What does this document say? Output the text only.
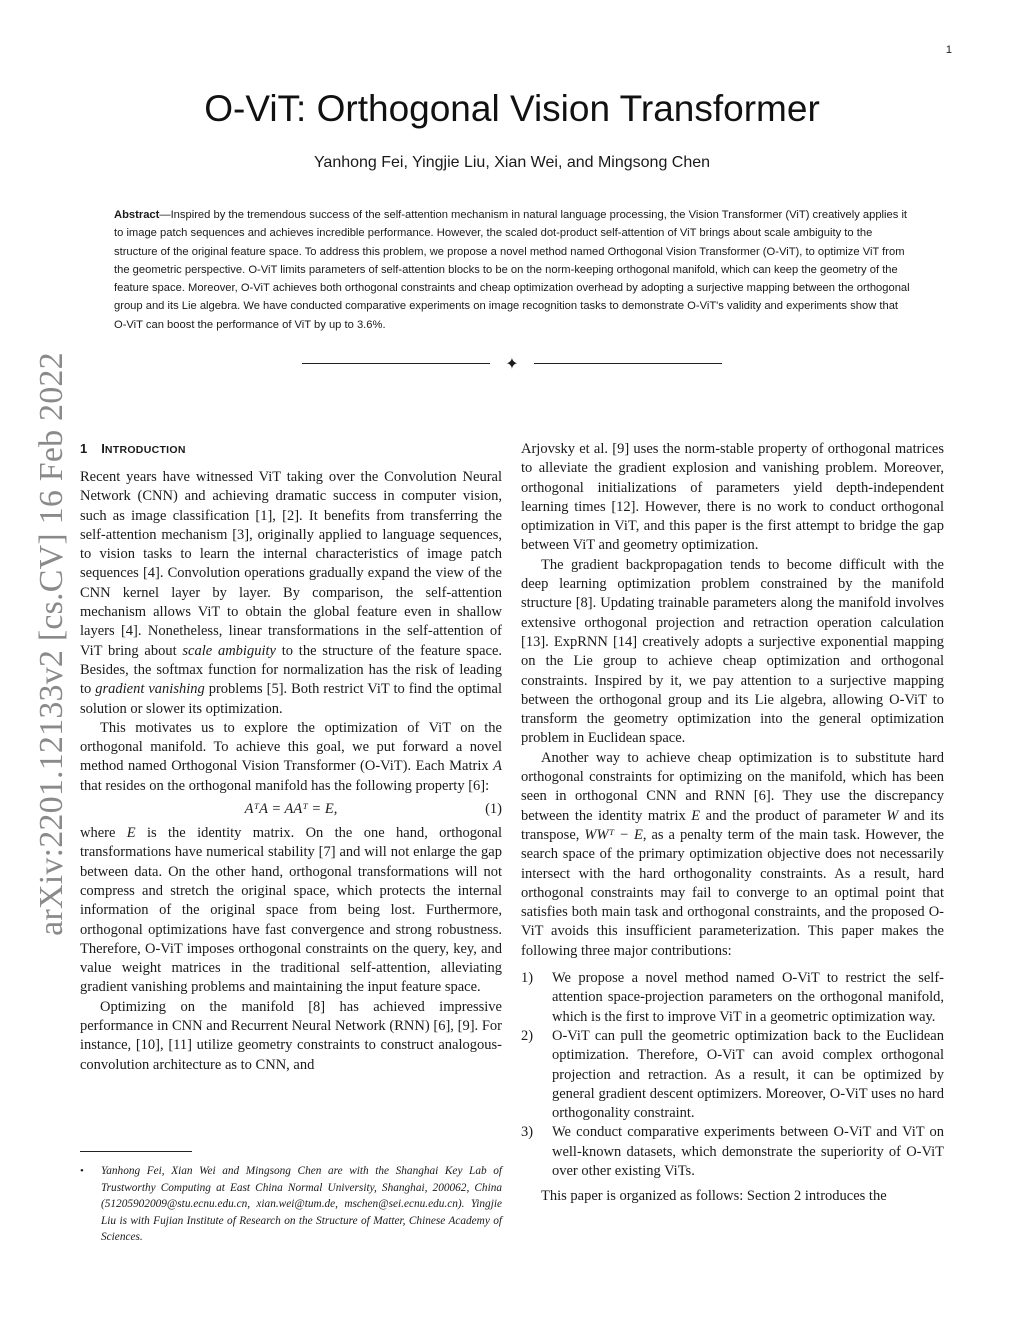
1
arXiv:2201.12133v2 [cs.CV] 16 Feb 2022
O-ViT: Orthogonal Vision Transformer

Yanhong Fei, Yingjie Liu, Xian Wei, and Mingsong Chen

Abstract—Inspired by the tremendous success of the self-attention mechanism in natural language processing, the Vision Transformer (ViT) creatively applies it to image patch sequences and achieves incredible performance. However, the scaled dot-product self-attention of ViT brings about scale ambiguity to the structure of the original feature space. To address this problem, we propose a novel method named Orthogonal Vision Transformer (O-ViT), to optimize ViT from the geometric perspective. O-ViT limits parameters of self-attention blocks to be on the norm-keeping orthogonal manifold, which can keep the geometry of the feature space. Moreover, O-ViT achieves both orthogonal constraints and cheap optimization overhead by adopting a surjective mapping between the orthogonal group and its Lie algebra. We have conducted comparative experiments on image recognition tasks to demonstrate O-ViT's validity and experiments show that O-ViT can boost the performance of ViT by up to 3.6%.

✦
1 INTRODUCTION

Recent years have witnessed ViT taking over the Convolution Neural Network (CNN) and achieving dramatic success in computer vision, such as image classification [1], [2]. It benefits from transferring the self-attention mechanism [3], originally applied to language sequences, to vision tasks to learn the internal characteristics of image patch sequences [4]. Convolution operations gradually expand the view of the CNN kernel layer by layer. By comparison, the self-attention mechanism allows ViT to obtain the global feature even in shallow layers [4]. Nonetheless, linear transformations in the self-attention of ViT bring about scale ambiguity to the structure of the feature space. Besides, the softmax function for normalization has the risk of leading to gradient vanishing problems [5]. Both restrict ViT to find the optimal solution or slower its optimization.

This motivates us to explore the optimization of ViT on the orthogonal manifold. To achieve this goal, we put forward a novel method named Orthogonal Vision Transformer (O-ViT). Each Matrix A that resides on the orthogonal manifold has the following property [6]:

AᵀA = AAᵀ = E,	(1)

where E is the identity matrix. On the one hand, orthogonal transformations have numerical stability [7] and will not enlarge the gap between data. On the other hand, orthogonal transformations will not compress and stretch the original space, which protects the internal information of the original space from being lost. Furthermore, orthogonal optimizations have fast convergence and strong robustness. Therefore, O-ViT imposes orthogonal constraints on the query, key, and value weight matrices in the traditional self-attention, alleviating gradient vanishing problems and maintaining the input feature space.

Optimizing on the manifold [8] has achieved impressive performance in CNN and Recurrent Neural Network (RNN) [6], [9]. For instance, [10], [11] utilize geometry constraints to construct analogous-convolution architecture as to CNN, and

Arjovsky et al. [9] uses the norm-stable property of orthogonal matrices to alleviate the gradient explosion and vanishing problem. Moreover, orthogonal initializations of parameters yield depth-independent learning times [12]. However, there is no work to conduct orthogonal optimization in ViT, and this paper is the first attempt to bridge the gap between ViT and geometry optimization.

The gradient backpropagation tends to become difficult with the deep learning optimization problem constrained by the manifold structure [8]. Updating trainable parameters along the manifold involves extensive orthogonal projection and retraction operation calculation [13]. ExpRNN [14] creatively adopts a surjective exponential mapping on the Lie group to achieve cheap optimization and orthogonal constraints. Inspired by it, we pay attention to a surjective mapping between the orthogonal group and its Lie algebra, allowing O-ViT to transform the geometry optimization into the general optimization problem in Euclidean space.

Another way to achieve cheap optimization is to substitute hard orthogonal constraints for optimizing on the manifold, which has been seen in orthogonal CNN and RNN [6]. They use the discrepancy between the identity matrix E and the product of parameter W and its transpose, WWᵀ − E, as a penalty term of the main task. However, the search space of the primary optimization objective does not necessarily intersect with the hard orthogonality constraints. As a result, hard orthogonal constraints may fail to converge to an optimal point that satisfies both main task and orthogonal constraints, and the proposed O-ViT avoids this insufficient parameterization. This paper makes the following three major contributions:

1) We propose a novel method named O-ViT to restrict the self-attention space-projection parameters on the orthogonal manifold, which is the first to improve ViT in a geometric optimization way.
2) O-ViT can pull the geometric optimization back to the Euclidean optimization. Therefore, O-ViT can avoid complex orthogonal projection and retraction. As a result, it can be optimized by general gradient descent optimizers. Moreover, O-ViT uses no hard orthogonality constraint.
3) We conduct comparative experiments between O-ViT and ViT on well-known datasets, which demonstrate the superiority of O-ViT over other existing ViTs.

This paper is organized as follows: Section 2 introduces the

•	Yanhong Fei, Xian Wei and Mingsong Chen are with the Shanghai Key Lab of Trustworthy Computing at East China Normal University, Shanghai, 200062, China (51205902009@stu.ecnu.edu.cn, xian.wei@tum.de, mschen@sei.ecnu.edu.cn). Yingjie Liu is with Fujian Institute of Research on the Structure of Matter, Chinese Academy of Sciences.
